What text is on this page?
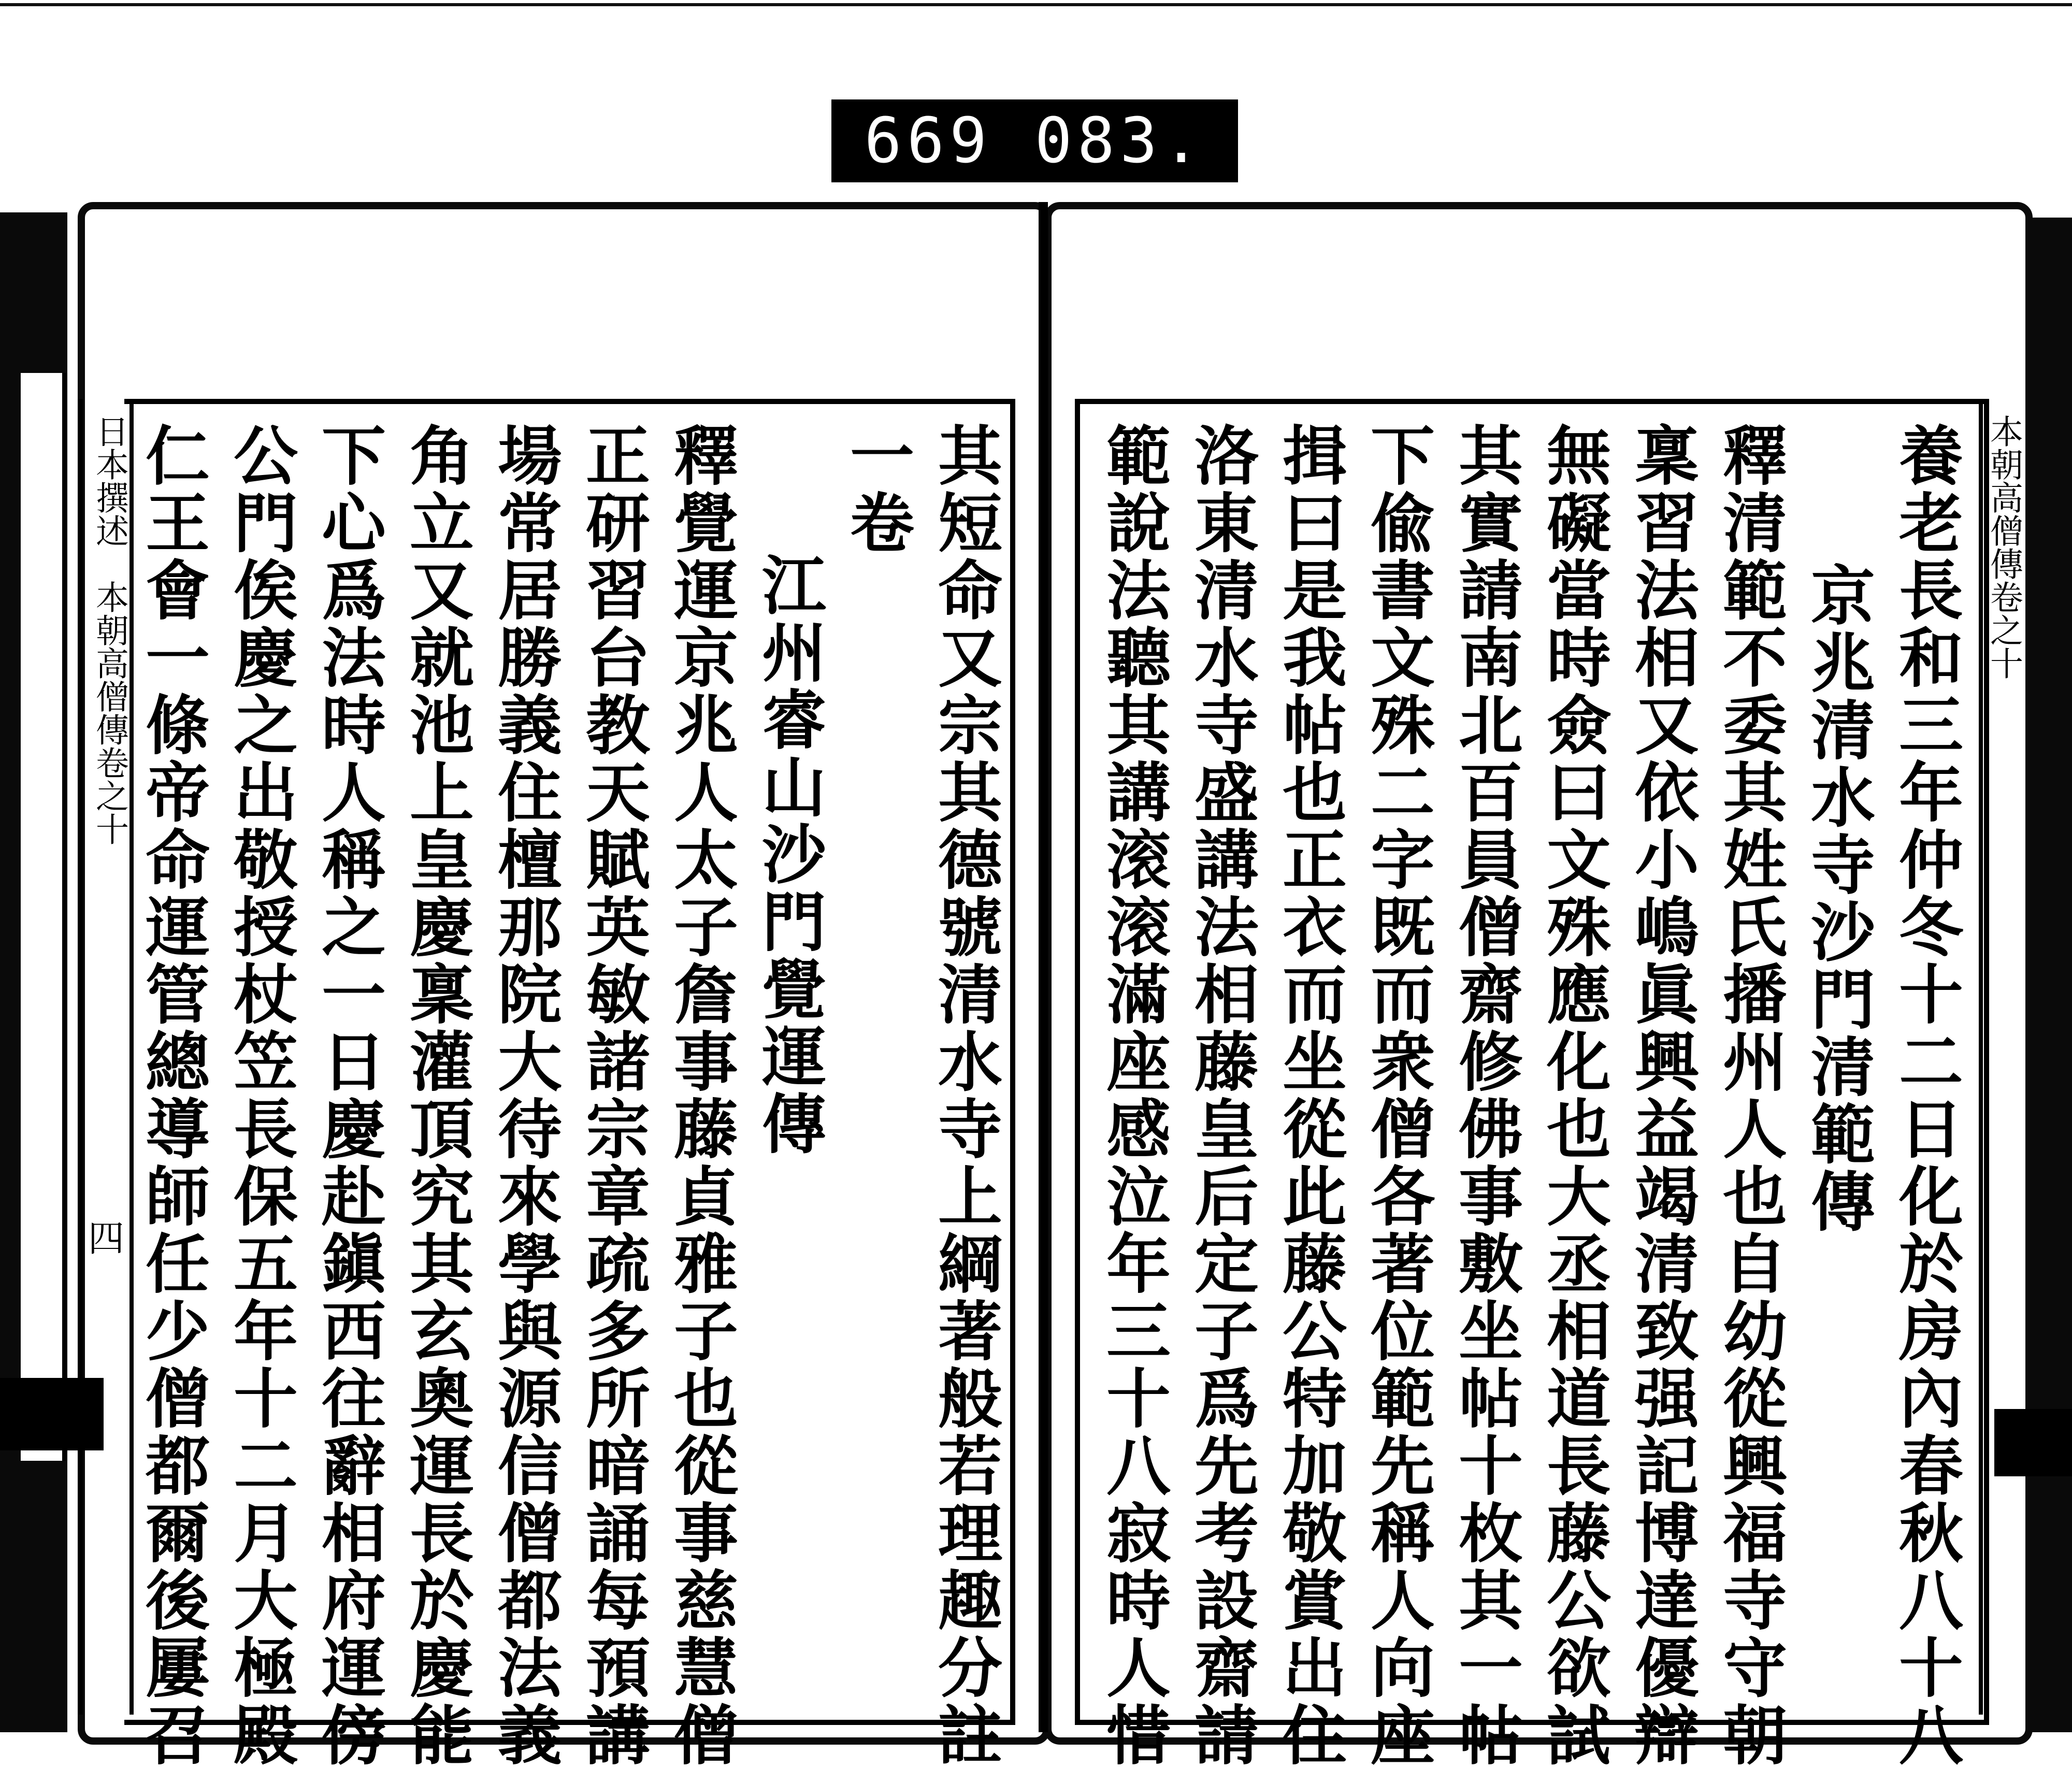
669 083.
日本撰述　本朝高僧傳卷之十
四
本朝高僧傳卷之十
養老長和三年仲冬十二日化於房內春秋八十八
京兆清水寺沙門清範傳
釋清範不委其姓氏播州人也自幼從興福寺守朝
稟習法相又依小嶋眞興益竭清致强記博達優辯
無礙當時僉曰文殊應化也大丞相道長藤公欲試
其實請南北百員僧齋修佛事敷坐帖十枚其一帖
下偸書文殊二字既而衆僧各著位範先稱人向座
揖曰是我帖也正衣而坐從此藤公特加敬賞出住
洛東清水寺盛講法相藤皇后定子爲先考設齋請
範說法聽其講滚滚滿座感泣年三十八寂時人惜
其短命又宗其德號清水寺上綱著般若理趣分註
一卷
江州睿山沙門覺運傳
釋覺運京兆人太子詹事藤貞雅子也從事慈慧僧
正研習台教天賦英敏諸宗章疏多所暗誦每預講
場常居勝義住檀那院大待來學與源信僧都法義
角立又就池上皇慶稟灌頂究其玄奧運長於慶能
下心爲法時人稱之一日慶赴鎭西往辭相府運傍
公門俟慶之出敬授杖笠長保五年十二月大極殿
仁王會一條帝命運管總導師任少僧都爾後屢召
